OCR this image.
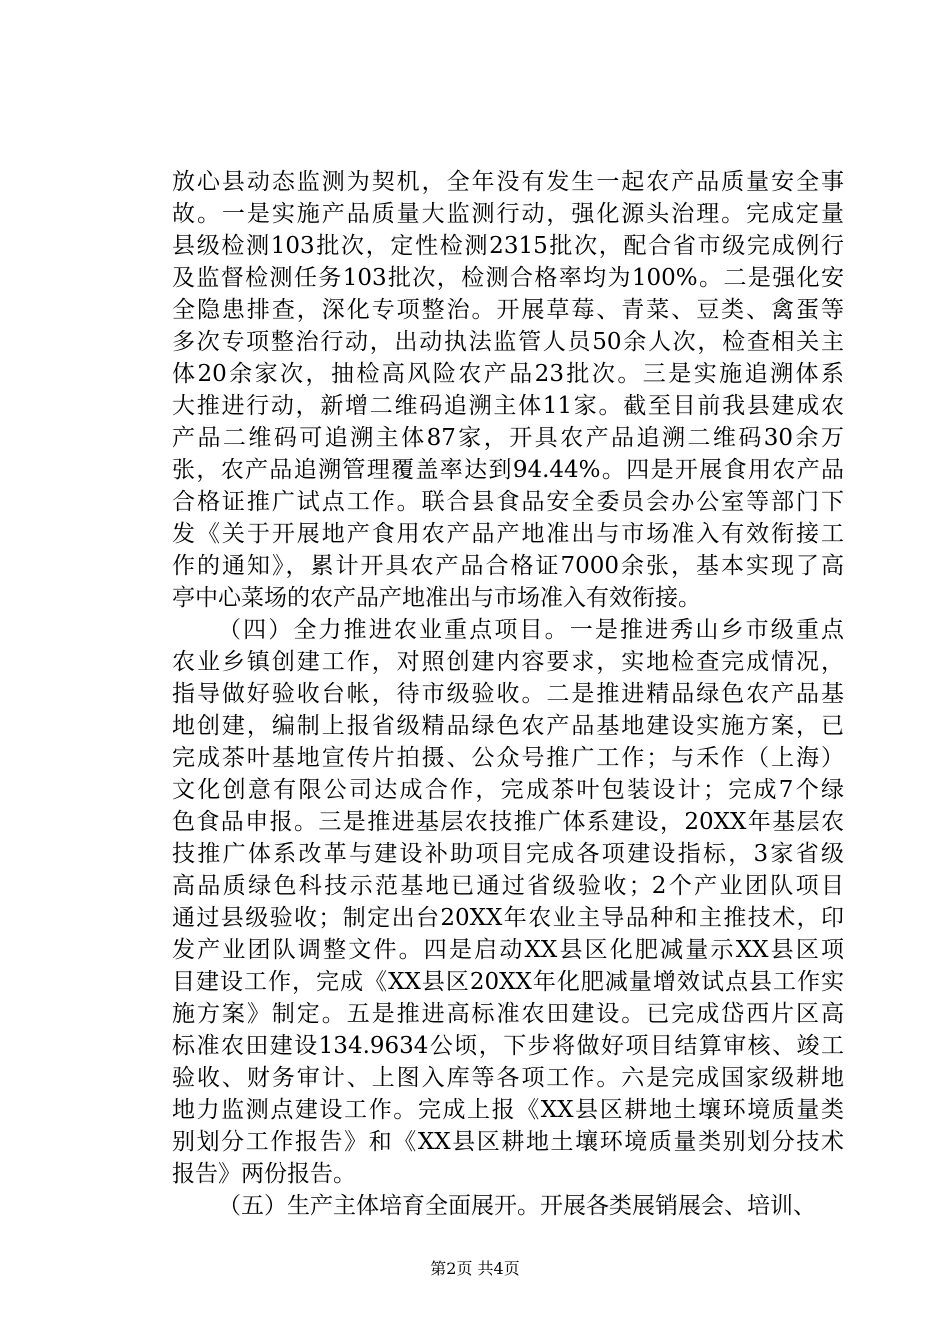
放心县动态监测为契机，全年没有发生一起农产品质量安全事
故。一是实施产品质量大监测行动，强化源头治理。完成定量
县级检测103批次，定性检测2315批次，配合省市级完成例行
及监督检测任务103批次，检测合格率均为100%。二是强化安
全隐患排查，深化专项整治。开展草莓、青菜、豆类、禽蛋等
多次专项整治行动，出动执法监管人员50余人次，检查相关主
体20余家次，抽检高风险农产品23批次。三是实施追溯体系
大推进行动，新增二维码追溯主体11家。截至目前我县建成农
产品二维码可追溯主体87家，开具农产品追溯二维码30余万
张，农产品追溯管理覆盖率达到94.44%。四是开展食用农产品
合格证推广试点工作。联合县食品安全委员会办公室等部门下
发《关于开展地产食用农产品产地准出与市场准入有效衔接工
作的通知》，累计开具农产品合格证7000余张，基本实现了高
亭中心菜场的农产品产地准出与市场准入有效衔接。
（四）全力推进农业重点项目。一是推进秀山乡市级重点
农业乡镇创建工作，对照创建内容要求，实地检查完成情况，
指导做好验收台帐，待市级验收。二是推进精品绿色农产品基
地创建，编制上报省级精品绿色农产品基地建设实施方案，已
完成茶叶基地宣传片拍摄、公众号推广工作；与禾作（上海）
文化创意有限公司达成合作，完成茶叶包装设计；完成7个绿
色食品申报。三是推进基层农技推广体系建设，20XX年基层农
技推广体系改革与建设补助项目完成各项建设指标，3家省级
高品质绿色科技示范基地已通过省级验收；2个产业团队项目
通过县级验收；制定出台20XX年农业主导品种和主推技术，印
发产业团队调整文件。四是启动XX县区化肥减量示XX县区项
目建设工作，完成《XX县区20XX年化肥减量增效试点县工作实
施方案》制定。五是推进高标准农田建设。已完成岱西片区高
标准农田建设134.9634公顷，下步将做好项目结算审核、竣工
验收、财务审计、上图入库等各项工作。六是完成国家级耕地
地力监测点建设工作。完成上报《XX县区耕地土壤环境质量类
别划分工作报告》和《XX县区耕地土壤环境质量类别划分技术
报告》两份报告。
（五）生产主体培育全面展开。开展各类展销展会、培训、
第2页 共4页
